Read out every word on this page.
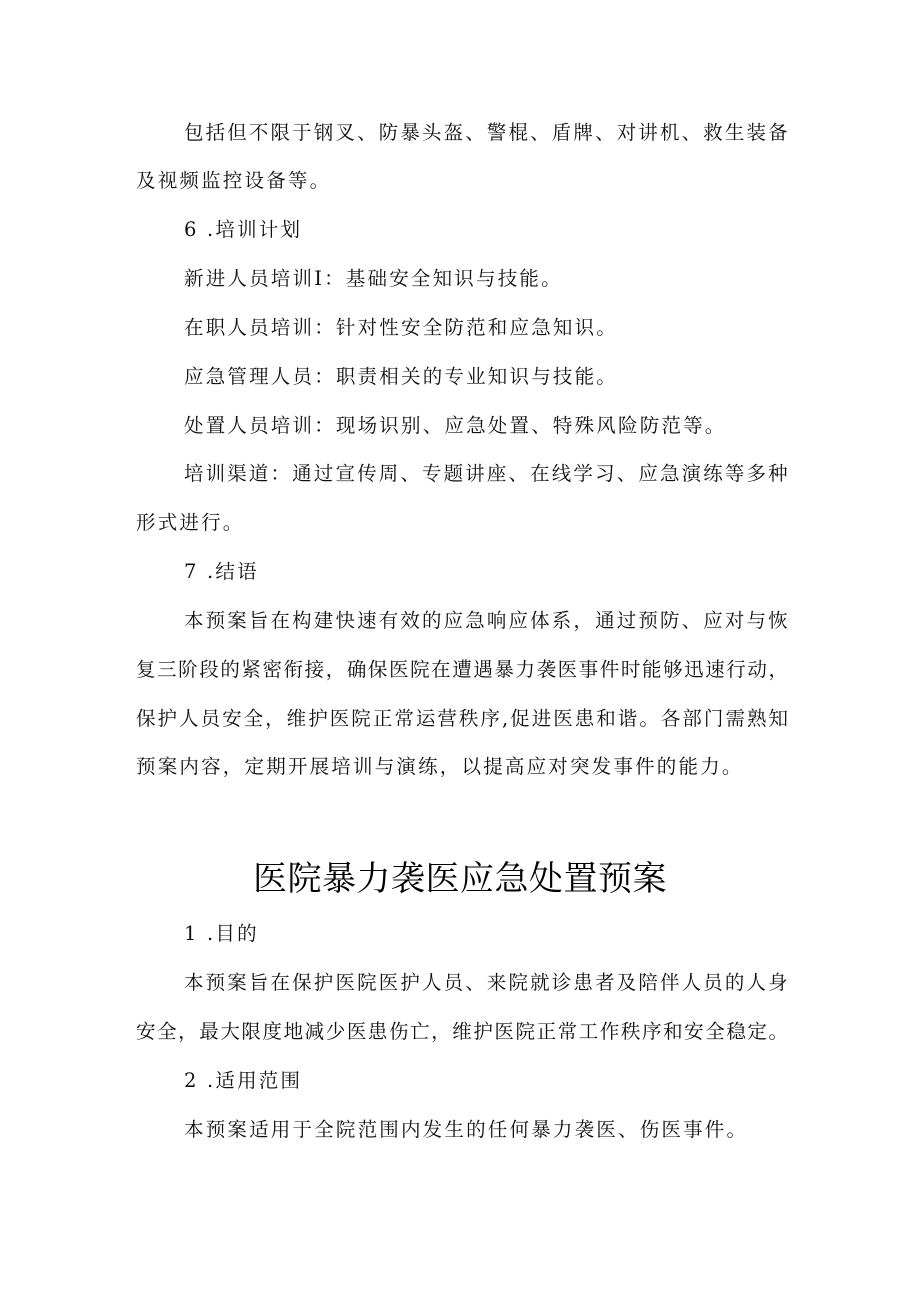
包括但不限于钢叉、防暴头盔、警棍、盾牌、对讲机、救生装备
及视频监控设备等。
6 .培训计划
新进人员培训I：基础安全知识与技能。
在职人员培训：针对性安全防范和应急知识。
应急管理人员：职责相关的专业知识与技能。
处置人员培训：现场识别、应急处置、特殊风险防范等。
培训渠道：通过宣传周、专题讲座、在线学习、应急演练等多种
形式进行。
7 .结语
本预案旨在构建快速有效的应急响应体系，通过预防、应对与恢
复三阶段的紧密衔接，确保医院在遭遇暴力袭医事件时能够迅速行动，
保护人员安全，维护医院正常运营秩序,促进医患和谐。各部门需熟知
预案内容，定期开展培训与演练，以提高应对突发事件的能力。
医院暴力袭医应急处置预案
1 .目的
本预案旨在保护医院医护人员、来院就诊患者及陪伴人员的人身
安全，最大限度地减少医患伤亡，维护医院正常工作秩序和安全稳定。
2 .适用范围
本预案适用于全院范围内发生的任何暴力袭医、伤医事件。
